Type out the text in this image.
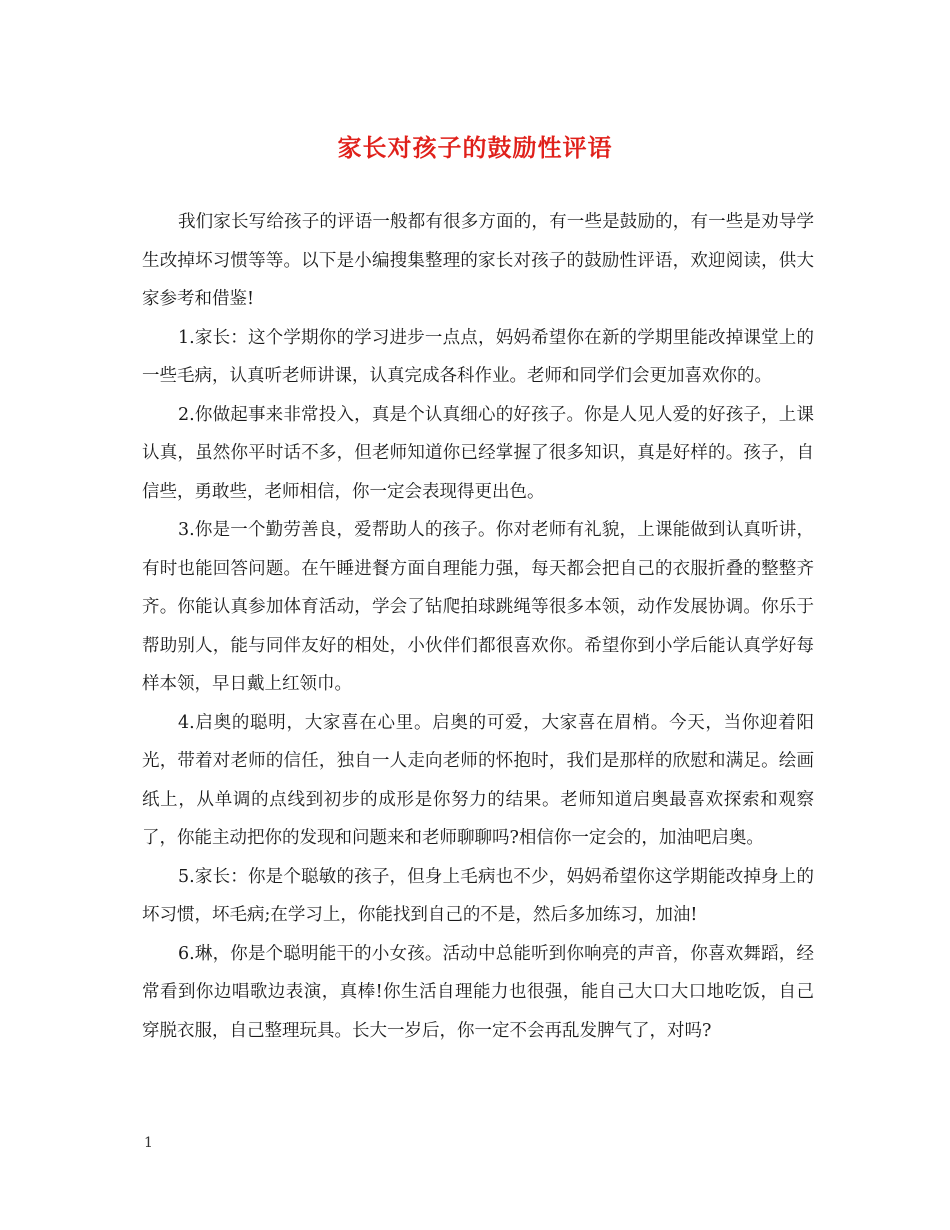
家长对孩子的鼓励性评语

我们家长写给孩子的评语一般都有很多方面的，有一些是鼓励的，有一些是劝导学生改掉坏习惯等等。以下是小编搜集整理的家长对孩子的鼓励性评语，欢迎阅读，供大家参考和借鉴!

1.家长：这个学期你的学习进步一点点，妈妈希望你在新的学期里能改掉课堂上的一些毛病，认真听老师讲课，认真完成各科作业。老师和同学们会更加喜欢你的。

2.你做起事来非常投入，真是个认真细心的好孩子。你是人见人爱的好孩子，上课认真，虽然你平时话不多，但老师知道你已经掌握了很多知识，真是好样的。孩子，自信些，勇敢些，老师相信，你一定会表现得更出色。

3.你是一个勤劳善良，爱帮助人的孩子。你对老师有礼貌，上课能做到认真听讲，有时也能回答问题。在午睡进餐方面自理能力强，每天都会把自己的衣服折叠的整整齐齐。你能认真参加体育活动，学会了钻爬拍球跳绳等很多本领，动作发展协调。你乐于帮助别人，能与同伴友好的相处，小伙伴们都很喜欢你。希望你到小学后能认真学好每样本领，早日戴上红领巾。

4.启奥的聪明，大家喜在心里。启奥的可爱，大家喜在眉梢。今天，当你迎着阳光，带着对老师的信任，独自一人走向老师的怀抱时，我们是那样的欣慰和满足。绘画纸上，从单调的点线到初步的成形是你努力的结果。老师知道启奥最喜欢探索和观察了，你能主动把你的发现和问题来和老师聊聊吗?相信你一定会的，加油吧启奥。

5.家长：你是个聪敏的孩子，但身上毛病也不少，妈妈希望你这学期能改掉身上的坏习惯，坏毛病;在学习上，你能找到自己的不是，然后多加练习，加油!

6.琳，你是个聪明能干的小女孩。活动中总能听到你响亮的声音，你喜欢舞蹈，经常看到你边唱歌边表演，真棒!你生活自理能力也很强，能自己大口大口地吃饭，自己穿脱衣服，自己整理玩具。长大一岁后，你一定不会再乱发脾气了，对吗?

1
